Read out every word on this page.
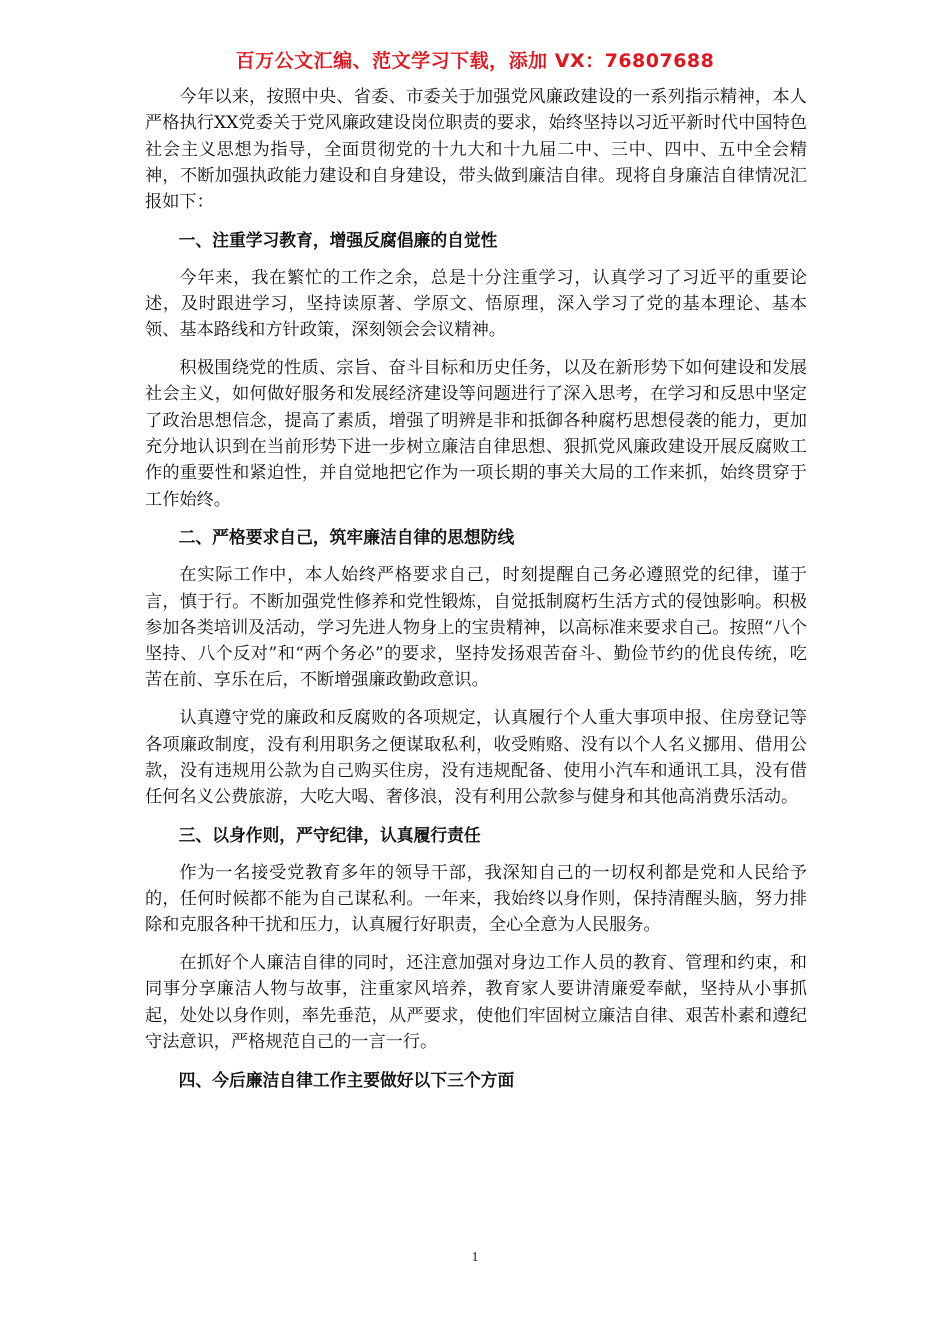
百万公文汇编、范文学习下载，添加 VX：76807688

今年以来，按照中央、省委、市委关于加强党风廉政建设的一系列指示精神，本人严格执行XX党委关于党风廉政建设岗位职责的要求，始终坚持以习近平新时代中国特色社会主义思想为指导，全面贯彻党的十九大和十九届二中、三中、四中、五中全会精神，不断加强执政能力建设和自身建设，带头做到廉洁自律。现将自身廉洁自律情况汇报如下：

一、注重学习教育，增强反腐倡廉的自觉性

今年来，我在繁忙的工作之余，总是十分注重学习，认真学习了习近平的重要论述，及时跟进学习，坚持读原著、学原文、悟原理，深入学习了党的基本理论、基本领、基本路线和方针政策，深刻领会会议精神。

积极围绕党的性质、宗旨、奋斗目标和历史任务，以及在新形势下如何建设和发展社会主义，如何做好服务和发展经济建设等问题进行了深入思考，在学习和反思中坚定了政治思想信念，提高了素质，增强了明辨是非和抵御各种腐朽思想侵袭的能力，更加充分地认识到在当前形势下进一步树立廉洁自律思想、狠抓党风廉政建设开展反腐败工作的重要性和紧迫性，并自觉地把它作为一项长期的事关大局的工作来抓，始终贯穿于工作始终。

二、严格要求自己，筑牢廉洁自律的思想防线

在实际工作中，本人始终严格要求自己，时刻提醒自己务必遵照党的纪律，谨于言，慎于行。不断加强党性修养和党性锻炼，自觉抵制腐朽生活方式的侵蚀影响。积极参加各类培训及活动，学习先进人物身上的宝贵精神，以高标准来要求自己。按照“八个坚持、八个反对”和“两个务必”的要求，坚持发扬艰苦奋斗、勤俭节约的优良传统，吃苦在前、享乐在后，不断增强廉政勤政意识。

认真遵守党的廉政和反腐败的各项规定，认真履行个人重大事项申报、住房登记等各项廉政制度，没有利用职务之便谋取私利，收受贿赂、没有以个人名义挪用、借用公款，没有违规用公款为自己购买住房，没有违规配备、使用小汽车和通讯工具，没有借任何名义公费旅游，大吃大喝、奢侈浪，没有利用公款参与健身和其他高消费乐活动。

三、以身作则，严守纪律，认真履行责任

作为一名接受党教育多年的领导干部，我深知自己的一切权利都是党和人民给予的，任何时候都不能为自己谋私利。一年来，我始终以身作则，保持清醒头脑，努力排除和克服各种干扰和压力，认真履行好职责，全心全意为人民服务。

在抓好个人廉洁自律的同时，还注意加强对身边工作人员的教育、管理和约束，和同事分享廉洁人物与故事，注重家风培养，教育家人要讲清廉爱奉献，坚持从小事抓起，处处以身作则，率先垂范，从严要求，使他们牢固树立廉洁自律、艰苦朴素和遵纪守法意识，严格规范自己的一言一行。

四、今后廉洁自律工作主要做好以下三个方面
1
